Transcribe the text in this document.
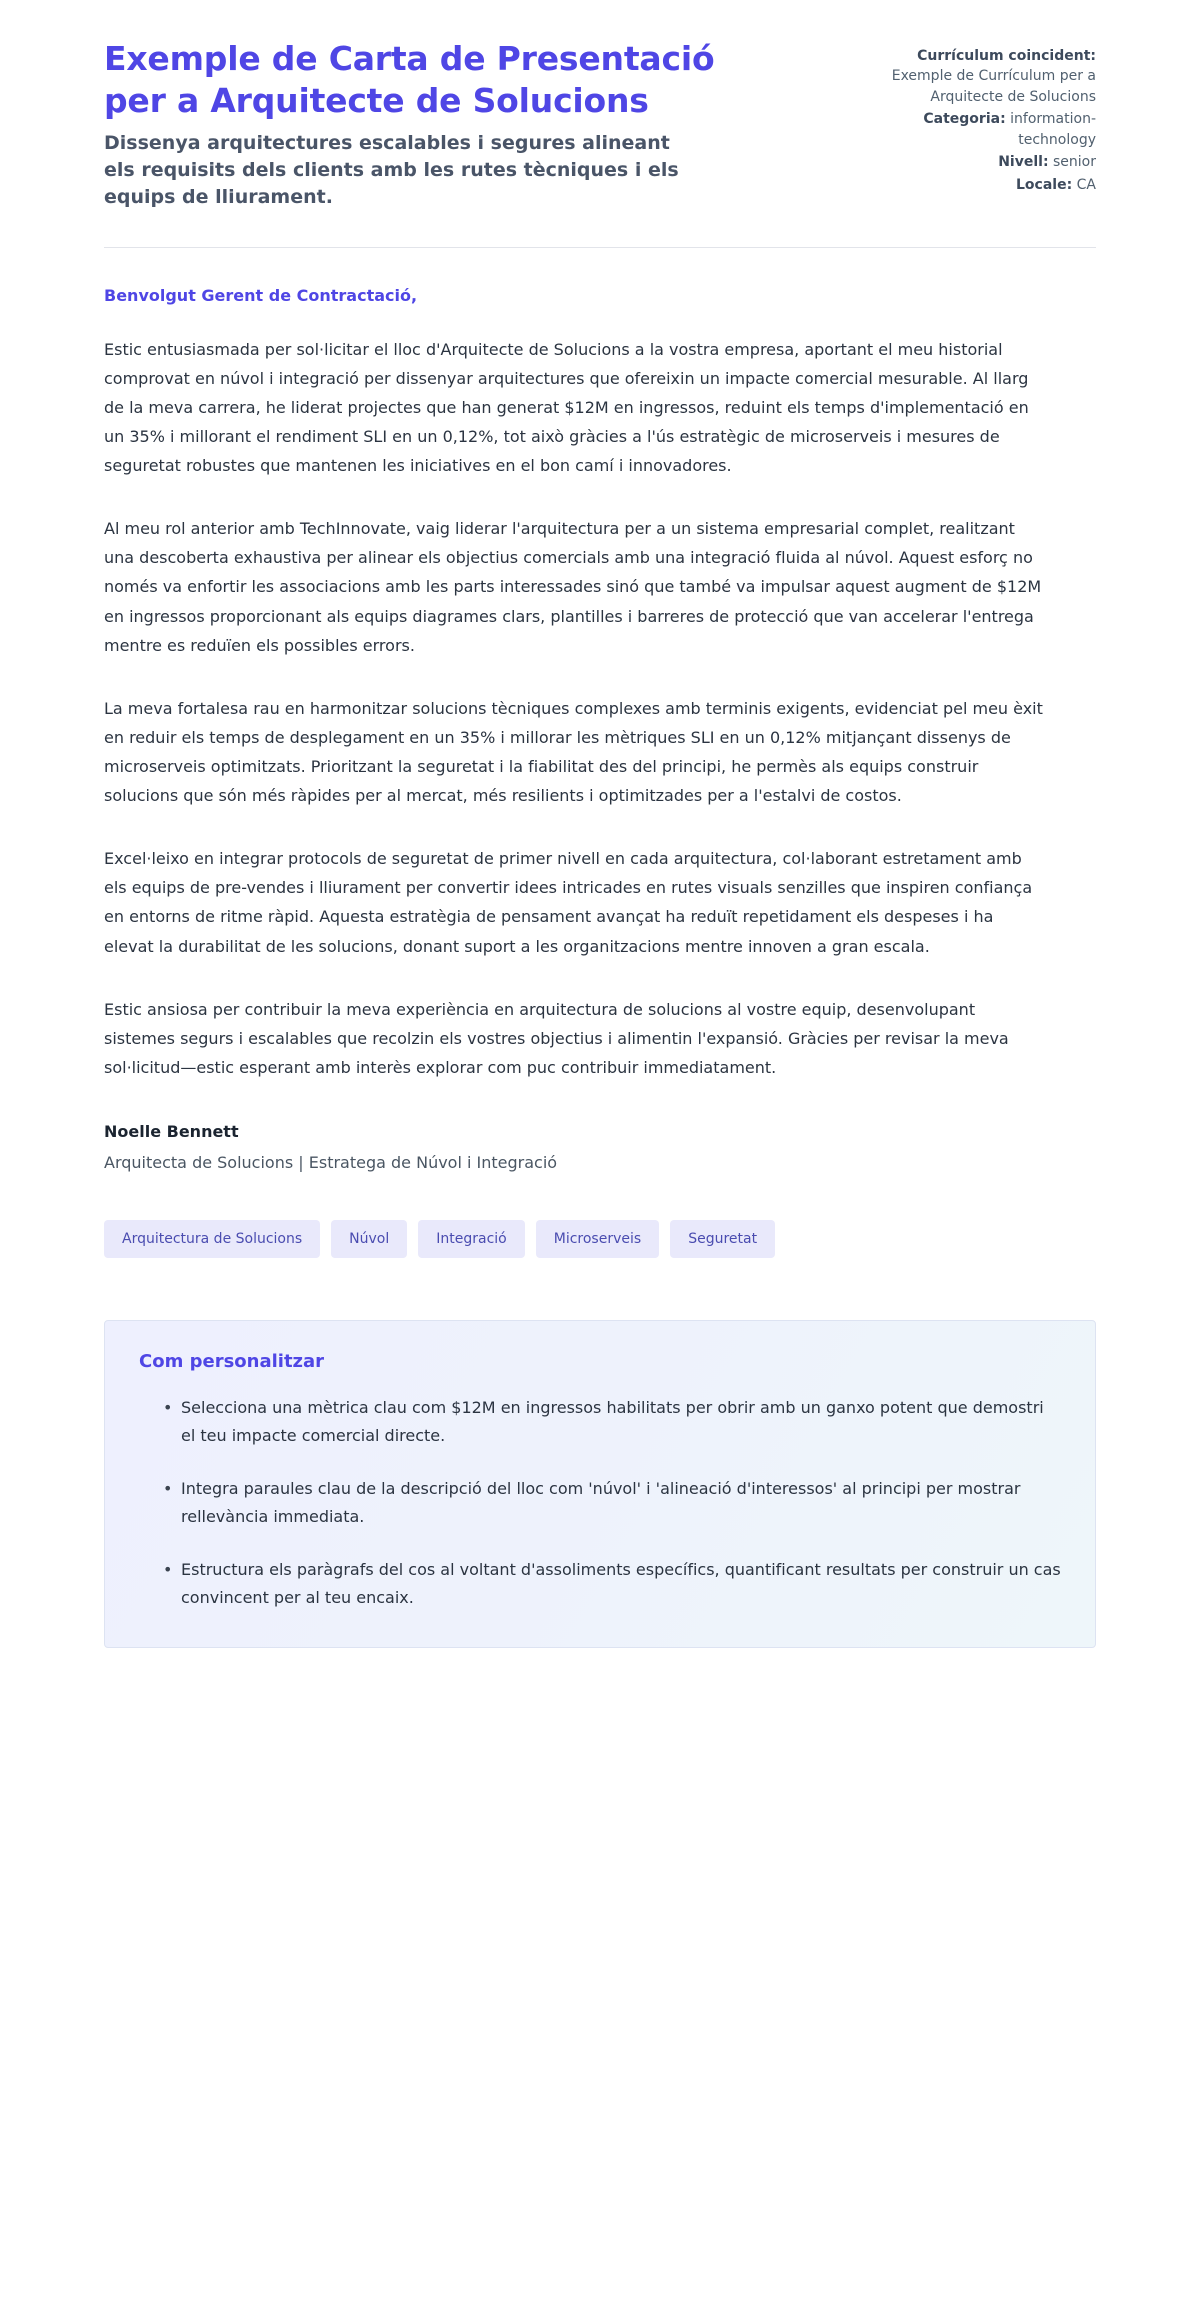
Exemple de Carta de Presentació per a Arquitecte de Solucions

Dissenya arquitectures escalables i segures alineant els requisits dels clients amb les rutes tècniques i els equips de lliurament.

Currículum coincident:
Exemple de Currículum per a Arquitecte de Solucions
Categoria: information-technology
Nivell: senior
Locale: CA

Benvolgut Gerent de Contractació,

Estic entusiasmada per sol·licitar el lloc d'Arquitecte de Solucions a la vostra empresa, aportant el meu historial comprovat en núvol i integració per dissenyar arquitectures que ofereixin un impacte comercial mesurable. Al llarg de la meva carrera, he liderat projectes que han generat $12M en ingressos, reduint els temps d'implementació en un 35% i millorant el rendiment SLI en un 0,12%, tot això gràcies a l'ús estratègic de microserveis i mesures de seguretat robustes que mantenen les iniciatives en el bon camí i innovadores.

Al meu rol anterior amb TechInnovate, vaig liderar l'arquitectura per a un sistema empresarial complet, realitzant una descoberta exhaustiva per alinear els objectius comercials amb una integració fluida al núvol. Aquest esforç no només va enfortir les associacions amb les parts interessades sinó que també va impulsar aquest augment de $12M en ingressos proporcionant als equips diagrames clars, plantilles i barreres de protecció que van accelerar l'entrega mentre es reduïen els possibles errors.

La meva fortalesa rau en harmonitzar solucions tècniques complexes amb terminis exigents, evidenciat pel meu èxit en reduir els temps de desplegament en un 35% i millorar les mètriques SLI en un 0,12% mitjançant dissenys de microserveis optimitzats. Prioritzant la seguretat i la fiabilitat des del principi, he permès als equips construir solucions que són més ràpides per al mercat, més resilients i optimitzades per a l'estalvi de costos.

Excel·leixo en integrar protocols de seguretat de primer nivell en cada arquitectura, col·laborant estretament amb els equips de pre-vendes i lliurament per convertir idees intricades en rutes visuals senzilles que inspiren confiança en entorns de ritme ràpid. Aquesta estratègia de pensament avançat ha reduït repetidament els despeses i ha elevat la durabilitat de les solucions, donant suport a les organitzacions mentre innoven a gran escala.

Estic ansiosa per contribuir la meva experiència en arquitectura de solucions al vostre equip, desenvolupant sistemes segurs i escalables que recolzin els vostres objectius i alimentin l'expansió. Gràcies per revisar la meva sol·licitud—estic esperant amb interès explorar com puc contribuir immediatament.

Noelle Bennett

Arquitecta de Solucions | Estratega de Núvol i Integració

Arquitectura de Solucions	Núvol	Integració	Microserveis	Seguretat
Com personalitzar
• Selecciona una mètrica clau com $12M en ingressos habilitats per obrir amb un ganxo potent que demostri el teu impacte comercial directe.
• Integra paraules clau de la descripció del lloc com 'núvol' i 'alineació d'interessos' al principi per mostrar rellevància immediata.
• Estructura els paràgrafs del cos al voltant d'assoliments específics, quantificant resultats per construir un cas convincent per al teu encaix.
